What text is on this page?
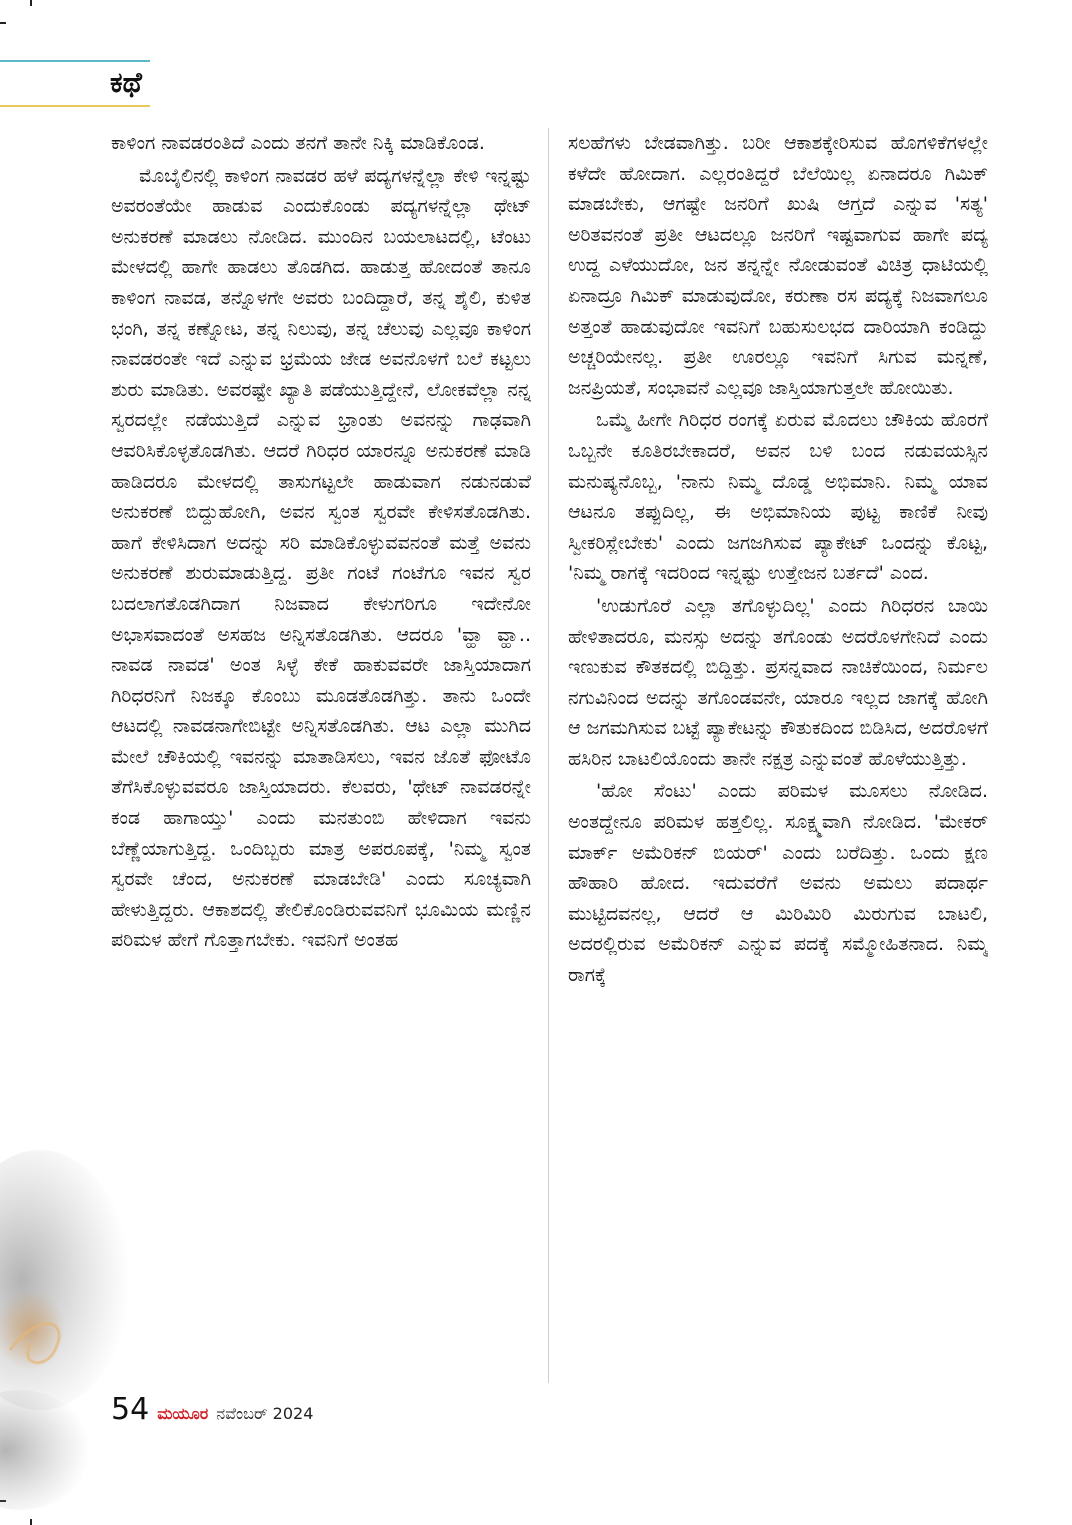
ಕಥೆ

ಕಾಳಿಂಗ ನಾವಡರಂತಿದೆ ಎಂದು ತನಗೆ ತಾನೇ ನಿಕ್ಕಿ ಮಾಡಿಕೊಂಡ.

ಮೊಬೈಲಿನಲ್ಲಿ ಕಾಳಿಂಗ ನಾವಡರ ಹಳೆ ಪದ್ಯಗಳನ್ನೆಲ್ಲಾ ಕೇಳಿ ಇನ್ನಷ್ಟು ಅವರಂತೆಯೇ ಹಾಡುವ ಎಂದುಕೊಂಡು ಪದ್ಯಗಳನ್ನೆಲ್ಲಾ ಥೇಟ್ ಅನುಕರಣೆ ಮಾಡಲು ನೋಡಿದ. ಮುಂದಿನ ಬಯಲಾಟದಲ್ಲಿ, ಟೆಂಟು ಮೇಳದಲ್ಲಿ ಹಾಗೇ ಹಾಡಲು ತೊಡಗಿದ. ಹಾಡುತ್ತ ಹೋದಂತೆ ತಾನೂ ಕಾಳಿಂಗ ನಾವಡ, ತನ್ನೊಳಗೇ ಅವರು ಬಂದಿದ್ದಾರೆ, ತನ್ನ ಶೈಲಿ, ಕುಳಿತ ಭಂಗಿ, ತನ್ನ ಕಣ್ನೋಟ, ತನ್ನ ನಿಲುವು, ತನ್ನ ಚೆಲುವು ಎಲ್ಲವೂ ಕಾಳಿಂಗ ನಾವಡರಂತೇ ಇದೆ ಎನ್ನುವ ಭ್ರಮೆಯ ಜೇಡ ಅವನೊಳಗೆ ಬಲೆ ಕಟ್ಟಲು ಶುರು ಮಾಡಿತು. ಅವರಷ್ಟೇ ಖ್ಯಾತಿ ಪಡೆಯುತ್ತಿದ್ದೇನೆ, ಲೋಕವೆಲ್ಲಾ ನನ್ನ ಸ್ವರದಲ್ಲೇ ನಡೆಯುತ್ತಿದೆ ಎನ್ನುವ ಭ್ರಾಂತು ಅವನನ್ನು ಗಾಢವಾಗಿ ಆವರಿಸಿಕೊಳ್ಳತೊಡಗಿತು. ಆದರೆ ಗಿರಿಧರ ಯಾರನ್ನೂ ಅನುಕರಣೆ ಮಾಡಿ ಹಾಡಿದರೂ ಮೇಳದಲ್ಲಿ ತಾಸುಗಟ್ಟಲೇ ಹಾಡುವಾಗ ನಡುನಡುವೆ ಅನುಕರಣೆ ಬಿದ್ದುಹೋಗಿ, ಅವನ ಸ್ವಂತ ಸ್ವರವೇ ಕೇಳಿಸತೊಡಗಿತು. ಹಾಗೆ ಕೇಳಿಸಿದಾಗ ಅದನ್ನು ಸರಿ ಮಾಡಿಕೊಳ್ಳುವವನಂತೆ ಮತ್ತೆ ಅವನು ಅನುಕರಣೆ ಶುರುಮಾಡುತ್ತಿದ್ದ. ಪ್ರತೀ ಗಂಟೆ ಗಂಟೆಗೂ ಇವನ ಸ್ವರ ಬದಲಾಗತೊಡಗಿದಾಗ ನಿಜವಾದ ಕೇಳುಗರಿಗೂ ಇದೇನೋ ಅಭಾಸವಾದಂತೆ ಅಸಹಜ ಅನ್ನಿಸತೊಡಗಿತು. ಆದರೂ 'ವ್ಹಾ ವ್ಹಾ.. ನಾವಡ ನಾವಡ' ಅಂತ ಸಿಳ್ಳೆ ಕೇಕೆ ಹಾಕುವವರೇ ಜಾಸ್ತಿಯಾದಾಗ ಗಿರಿಧರನಿಗೆ ನಿಜಕ್ಕೂ ಕೊಂಬು ಮೂಡತೊಡಗಿತ್ತು. ತಾನು ಒಂದೇ ಆಟದಲ್ಲಿ ನಾವಡನಾಗೇಬಿಟ್ಟೇ ಅನ್ನಿಸತೊಡಗಿತು. ಆಟ ಎಲ್ಲಾ ಮುಗಿದ ಮೇಲೆ ಚೌಕಿಯಲ್ಲಿ ಇವನನ್ನು ಮಾತಾಡಿಸಲು, ಇವನ ಜೊತೆ ಫೋಟೊ ತೆಗೆಸಿಕೊಳ್ಳುವವರೂ ಜಾಸ್ತಿಯಾದರು. ಕೆಲವರು, 'ಥೇಟ್ ನಾವಡರನ್ನೇ ಕಂಡ ಹಾಗಾಯ್ತು' ಎಂದು ಮನತುಂಬಿ ಹೇಳಿದಾಗ ಇವನು ಬೆಣ್ಣೆಯಾಗುತ್ತಿದ್ದ. ಒಂದಿಬ್ಬರು ಮಾತ್ರ ಅಪರೂಪಕ್ಕೆ, 'ನಿಮ್ಮ ಸ್ವಂತ ಸ್ವರವೇ ಚೆಂದ, ಅನುಕರಣೆ ಮಾಡಬೇಡಿ' ಎಂದು ಸೂಚ್ಯವಾಗಿ ಹೇಳುತ್ತಿದ್ದರು. ಆಕಾಶದಲ್ಲಿ ತೇಲಿಕೊಂಡಿರುವವನಿಗೆ ಭೂಮಿಯ ಮಣ್ಣಿನ ಪರಿಮಳ ಹೇಗೆ ಗೊತ್ತಾಗಬೇಕು. ಇವನಿಗೆ ಅಂತಹ

ಸಲಹೆಗಳು ಬೇಡವಾಗಿತ್ತು. ಬರೀ ಆಕಾಶಕ್ಕೇರಿಸುವ ಹೊಗಳಿಕೆಗಳಲ್ಲೇ ಕಳೆದೇ ಹೋದಾಗ. ಎಲ್ಲರಂತಿದ್ದರೆ ಬೆಲೆಯಿಲ್ಲ ಏನಾದರೂ ಗಿಮಿಕ್ ಮಾಡಬೇಕು, ಆಗಷ್ಟೇ ಜನರಿಗೆ ಖುಷಿ ಆಗ್ತದೆ ಎನ್ನುವ 'ಸತ್ಯ' ಅರಿತವನಂತೆ ಪ್ರತೀ ಆಟದಲ್ಲೂ ಜನರಿಗೆ ಇಷ್ಟವಾಗುವ ಹಾಗೇ ಪದ್ಯ ಉದ್ದ ಎಳೆಯುದೋ, ಜನ ತನ್ನನ್ನೇ ನೋಡುವಂತೆ ವಿಚಿತ್ರ ಧಾಟಿಯಲ್ಲಿ ಏನಾದ್ರೂ ಗಿಮಿಕ್ ಮಾಡುವುದೋ, ಕರುಣಾ ರಸ ಪದ್ಯಕ್ಕೆ ನಿಜವಾಗಲೂ ಅತ್ತಂತೆ ಹಾಡುವುದೋ ಇವನಿಗೆ ಬಹುಸುಲಭದ ದಾರಿಯಾಗಿ ಕಂಡಿದ್ದು ಅಚ್ಚರಿಯೇನಲ್ಲ. ಪ್ರತೀ ಊರಲ್ಲೂ ಇವನಿಗೆ ಸಿಗುವ ಮನ್ನಣೆ, ಜನಪ್ರಿಯತೆ, ಸಂಭಾವನೆ ಎಲ್ಲವೂ ಜಾಸ್ತಿಯಾಗುತ್ತಲೇ ಹೋಯಿತು.

ಒಮ್ಮೆ ಹೀಗೇ ಗಿರಿಧರ ರಂಗಕ್ಕೆ ಏರುವ ಮೊದಲು ಚೌಕಿಯ ಹೊರಗೆ ಒಬ್ಬನೇ ಕೂತಿರಬೇಕಾದರೆ, ಅವನ ಬಳಿ ಬಂದ ನಡುವಯಸ್ಸಿನ ಮನುಷ್ಯನೊಬ್ಬ, 'ನಾನು ನಿಮ್ಮ ದೊಡ್ಡ ಅಭಿಮಾನಿ. ನಿಮ್ಮ ಯಾವ ಆಟನೂ ತಪ್ಪುದಿಲ್ಲ, ಈ ಅಭಿಮಾನಿಯ ಪುಟ್ಟ ಕಾಣಿಕೆ ನೀವು ಸ್ವೀಕರಿಸ್ಲೇಬೇಕು' ಎಂದು ಜಗಜಗಿಸುವ ಪ್ಯಾಕೇಟ್ ಒಂದನ್ನು ಕೊಟ್ಟ, 'ನಿಮ್ಮ ರಾಗಕ್ಕೆ ಇದರಿಂದ ಇನ್ನಷ್ಟು ಉತ್ತೇಜನ ಬರ್ತದೆ' ಎಂದ.

'ಉಡುಗೊರೆ ಎಲ್ಲಾ ತಗೊಳ್ಳುದಿಲ್ಲ' ಎಂದು ಗಿರಿಧರನ ಬಾಯಿ ಹೇಳಿತಾದರೂ, ಮನಸ್ಸು ಅದನ್ನು ತಗೊಂಡು ಅದರೊಳಗೇನಿದೆ ಎಂದು ಇಣುಕುವ ಕೌತಕದಲ್ಲಿ ಬಿದ್ದಿತ್ತು. ಪ್ರಸನ್ನವಾದ ನಾಚಿಕೆಯಿಂದ, ನಿರ್ಮಲ ನಗುವಿನಿಂದ ಅದನ್ನು ತಗೊಂಡವನೇ, ಯಾರೂ ಇಲ್ಲದ ಜಾಗಕ್ಕೆ ಹೋಗಿ ಆ ಜಗಮಗಿಸುವ ಬಟ್ಟೆ ಪ್ಯಾಕೇಟನ್ನು ಕೌತುಕದಿಂದ ಬಿಡಿಸಿದ, ಅದರೊಳಗೆ ಹಸಿರಿನ ಬಾಟಲಿಯೊಂದು ತಾನೇ ನಕ್ಷತ್ರ ಎನ್ನುವಂತೆ ಹೊಳೆಯುತ್ತಿತ್ತು.

'ಹೋ ಸೆಂಟು' ಎಂದು ಪರಿಮಳ ಮೂಸಲು ನೋಡಿದ. ಅಂತದ್ದೇನೂ ಪರಿಮಳ ಹತ್ತಲಿಲ್ಲ. ಸೂಕ್ಷ್ಮವಾಗಿ ನೋಡಿದ. 'ಮೇಕರ್ ಮಾರ್ಕ್ ಅಮೆರಿಕನ್ ಬಿಯರ್' ಎಂದು ಬರೆದಿತ್ತು. ಒಂದು ಕ್ಷಣ ಹೌಹಾರಿ ಹೋದ. ಇದುವರೆಗೆ ಅವನು ಅಮಲು ಪದಾರ್ಥ ಮುಟ್ಟಿದವನಲ್ಲ, ಆದರೆ ಆ ಮಿರಿಮಿರಿ ಮಿರುಗುವ ಬಾಟಲಿ, ಅದರಲ್ಲಿರುವ ಅಮೆರಿಕನ್ ಎನ್ನುವ ಪದಕ್ಕೆ ಸಮ್ಮೋಹಿತನಾದ. ನಿಮ್ಮ ರಾಗಕ್ಕೆ

54 ಮಯೂರ ನವೆಂಬರ್ 2024
